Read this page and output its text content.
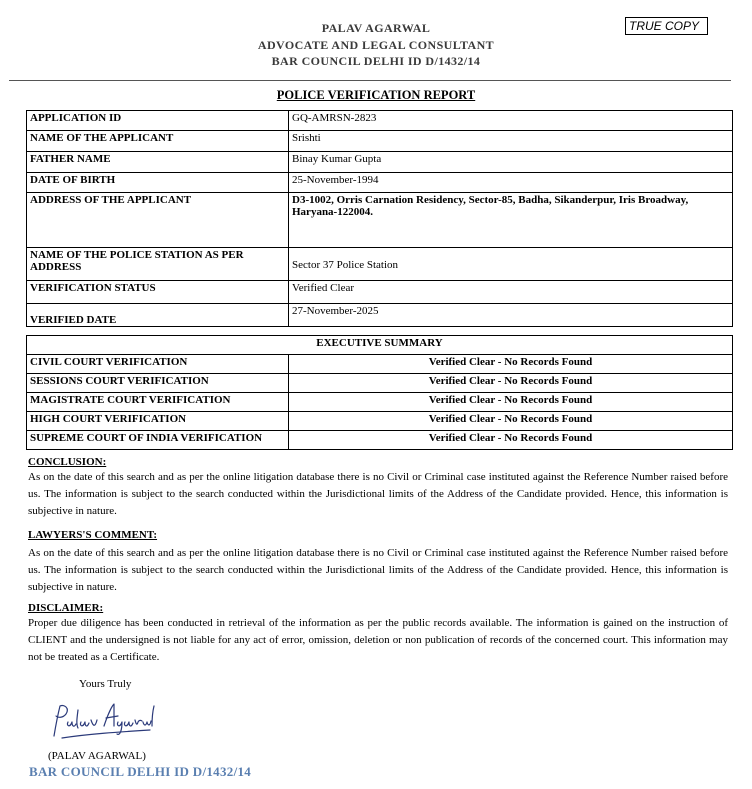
PALAV AGARWAL
ADVOCATE AND LEGAL CONSULTANT
BAR COUNCIL DELHI ID D/1432/14
TRUE COPY
POLICE VERIFICATION REPORT
APPLICATION ID	GQ-AMRSN-2823
NAME OF THE APPLICANT	Srishti
FATHER NAME	Binay Kumar Gupta
DATE OF BIRTH	25-November-1994
ADDRESS OF THE APPLICANT	D3-1002, Orris Carnation Residency, Sector-85, Badha, Sikanderpur, Iris Broadway, Haryana-122004.
NAME OF THE POLICE STATION AS PER ADDRESS	Sector 37 Police Station
VERIFICATION STATUS	Verified Clear
VERIFIED DATE	27-November-2025
EXECUTIVE SUMMARY	
CIVIL COURT VERIFICATION	Verified Clear - No Records Found
SESSIONS COURT VERIFICATION	Verified Clear - No Records Found
MAGISTRATE COURT VERIFICATION	Verified Clear - No Records Found
HIGH COURT VERIFICATION	Verified Clear - No Records Found
SUPREME COURT OF INDIA VERIFICATION	Verified Clear - No Records Found
CONCLUSION:
As on the date of this search and as per the online litigation database there is no Civil or Criminal case instituted against the Reference Number raised before us. The information is subject to the search conducted within the Jurisdictional limits of the Address of the Candidate provided. Hence, this information is subjective in nature.
LAWYERS'S COMMENT:
As on the date of this search and as per the online litigation database there is no Civil or Criminal case instituted against the Reference Number raised before us. The information is subject to the search conducted within the Jurisdictional limits of the Address of the Candidate provided. Hence, this information is subjective in nature.
DISCLAIMER:
Proper due diligence has been conducted in retrieval of the information as per the public records available. The information is gained on the instruction of CLIENT and the undersigned is not liable for any act of error, omission, deletion or non publication of records of the concerned court. This information may not be treated as a Certificate.
Yours Truly
(PALAV AGARWAL)
BAR COUNCIL DELHI ID D/1432/14
